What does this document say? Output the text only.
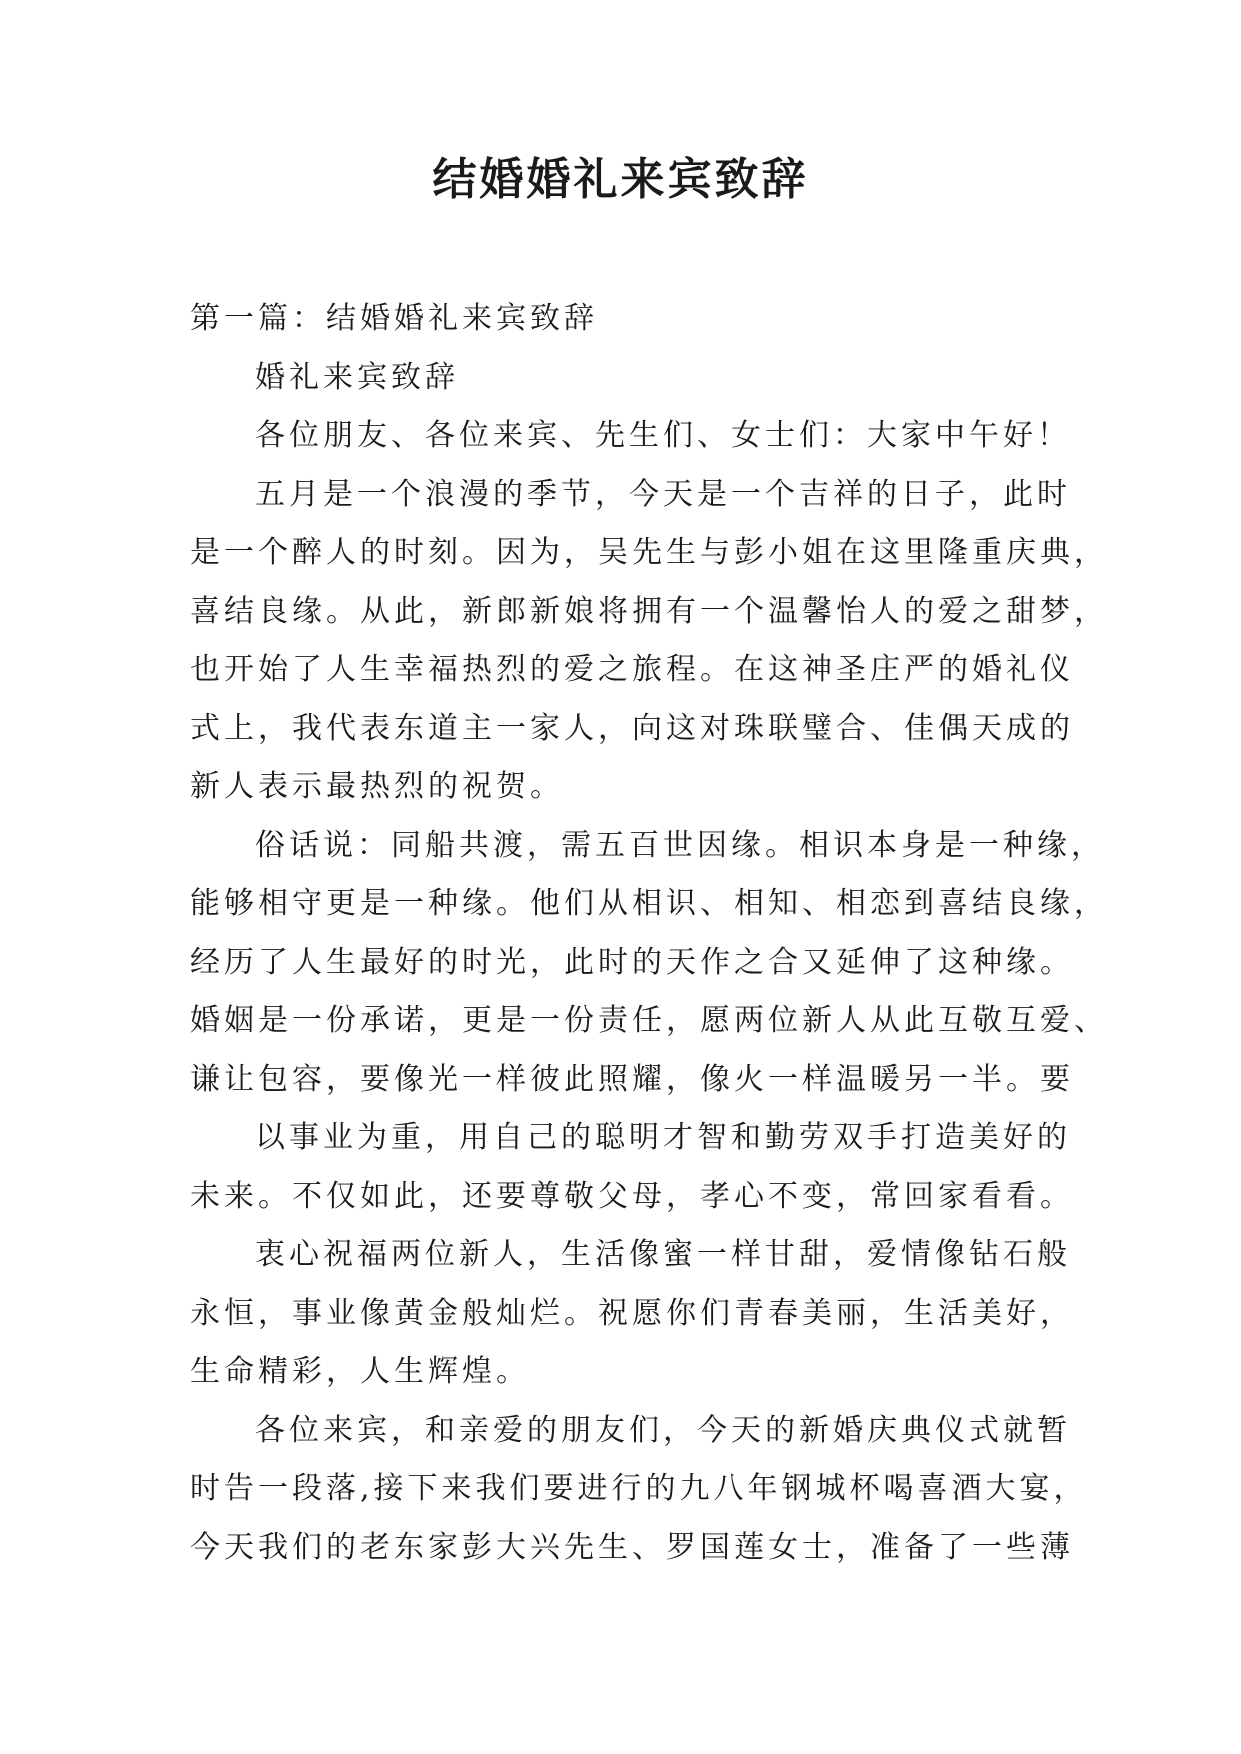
结婚婚礼来宾致辞
第一篇：结婚婚礼来宾致辞
婚礼来宾致辞
各位朋友、各位来宾、先生们、女士们：大家中午好！
五月是一个浪漫的季节，今天是一个吉祥的日子，此时
是一个醉人的时刻。因为，吴先生与彭小姐在这里隆重庆典，
喜结良缘。从此，新郎新娘将拥有一个温馨怡人的爱之甜梦，
也开始了人生幸福热烈的爱之旅程。在这神圣庄严的婚礼仪
式上，我代表东道主一家人，向这对珠联璧合、佳偶天成的
新人表示最热烈的祝贺。
俗话说：同船共渡，需五百世因缘。相识本身是一种缘，
能够相守更是一种缘。他们从相识、相知、相恋到喜结良缘，
经历了人生最好的时光，此时的天作之合又延伸了这种缘。
婚姻是一份承诺，更是一份责任，愿两位新人从此互敬互爱、
谦让包容，要像光一样彼此照耀，像火一样温暖另一半。要
以事业为重，用自己的聪明才智和勤劳双手打造美好的
未来。不仅如此，还要尊敬父母，孝心不变，常回家看看。
衷心祝福两位新人，生活像蜜一样甘甜，爱情像钻石般
永恒，事业像黄金般灿烂。祝愿你们青春美丽，生活美好，
生命精彩，人生辉煌。
各位来宾，和亲爱的朋友们，今天的新婚庆典仪式就暂
时告一段落,接下来我们要进行的九八年钢城杯喝喜酒大宴，
今天我们的老东家彭大兴先生、罗国莲女士，准备了一些薄
